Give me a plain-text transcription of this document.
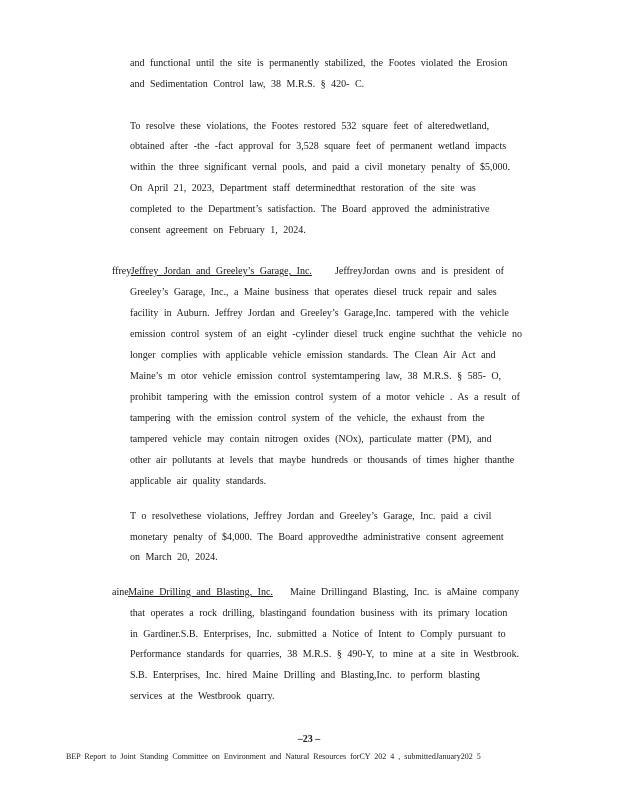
and functional until the site is permanently stabilized, the Footes violated the Erosion
and Sedimentation Control law, 38 M.R.S. § 420- C.
To resolve these violations, the Footes restored 532 square feet of alteredwetland,
obtained after -the -fact approval for 3,528 square feet of permanent wetland impacts
within the three significant vernal pools, and paid a civil monetary penalty of $5,000.
On April 21, 2023, Department staff determinedthat restoration of the site was
completed to the Department’s satisfaction. The Board approved the administrative
consent agreement on February 1, 2024.
ffrey Jeffrey Jordan and Greeley’s Garage, Inc. JeffreyJordan owns and is president of
Greeley’s Garage, Inc., a Maine business that operates diesel truck repair and sales
facility in Auburn. Jeffrey Jordan and Greeley’s Garage,Inc. tampered with the vehicle
emission control system of an eight -cylinder diesel truck engine suchthat the vehicle no
longer complies with applicable vehicle emission standards. The Clean Air Act and
Maine’s m otor vehicle emission control systemtampering law, 38 M.R.S. § 585- O,
prohibit tampering with the emission control system of a motor vehicle . As a result of
tampering with the emission control system of the vehicle, the exhaust from the
tampered vehicle may contain nitrogen oxides (NOx), particulate matter (PM), and
other air pollutants at levels that maybe hundreds or thousands of times higher thanthe
applicable air quality standards.
T o resolvethese violations, Jeffrey Jordan and Greeley’s Garage, Inc. paid a civil
monetary penalty of $4,000. The Board approvedthe administrative consent agreement
on March 20, 2024.
aine Maine Drilling and Blasting, Inc. Maine Drillingand Blasting, Inc. is aMaine company
that operates a rock drilling, blastingand foundation business with its primary location
in Gardiner.S.B. Enterprises, Inc. submitted a Notice of Intent to Comply pursuant to
Performance standards for quarries, 38 M.R.S. § 490-Y, to mine at a site in Westbrook.
S.B. Enterprises, Inc. hired Maine Drilling and Blasting,Inc. to perform blasting
services at the Westbrook quarry.
–23 –
BEP Report to Joint Standing Committee on Environment and Natural Resources forCY 202 4 , submittedJanuary202 5
